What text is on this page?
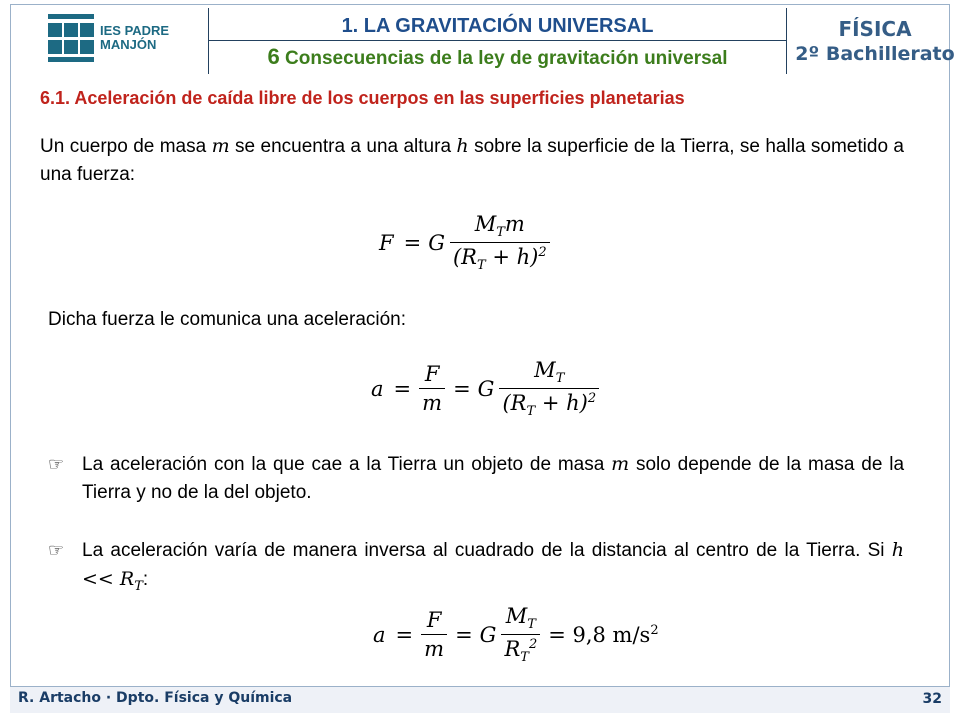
IES PADRE
MANJÓN
1. LA GRAVITACIÓN UNIVERSAL
6 Consecuencias de la ley de gravitación universal
FÍSICA
2º Bachillerato
6.1. Aceleración de caída libre de los cuerpos en las superficies planetarias
Un cuerpo de masa m se encuentra a una altura h sobre la superficie de la Tierra, se halla sometido a una fuerza:
F = G $\frac{M_Tm}{(R_T + h)^2}$
Dicha fuerza le comunica una aceleración:
$a = \frac{F}{m} = G \frac{M_T}{(R_T + h)^2}$
☞ La aceleración con la que cae a la Tierra un objeto de masa m solo depende de la masa de la Tierra y no de la del objeto.
☞ La aceleración varía de manera inversa al cuadrado de la distancia al centro de la Tierra. Si $h << R_T$:
$a = \frac{F}{m} = G \frac{M_T}{R_T^2} = 9,8$ $m/s^2$
R. Artacho · Dpto. Física y Química	32
